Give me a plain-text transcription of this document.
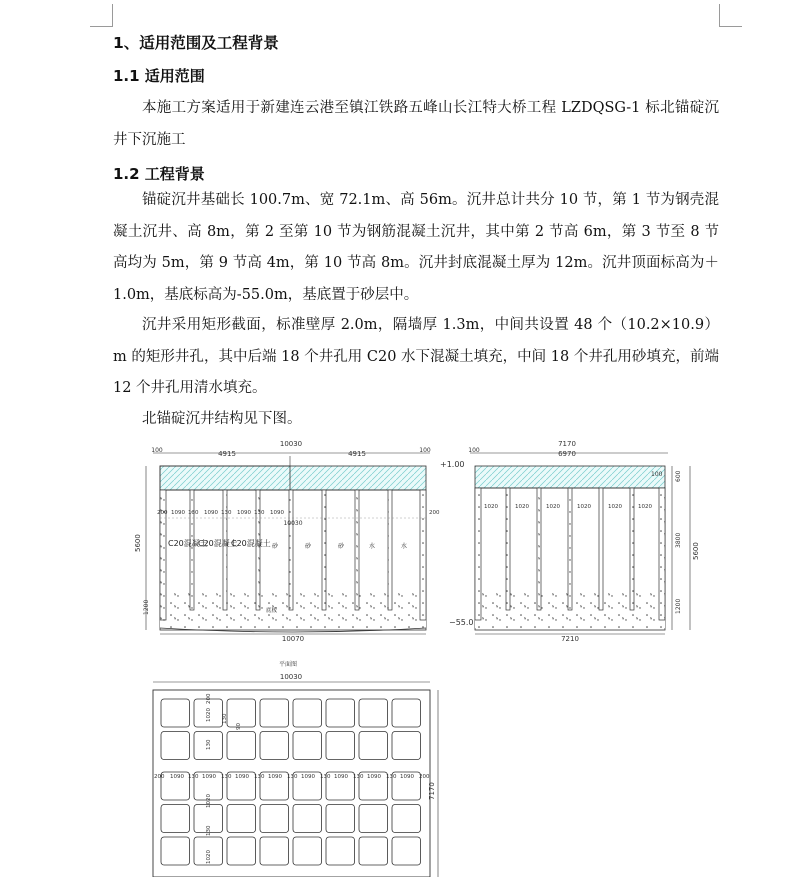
1、适用范围及工程背景
1.1 适用范围

本施工方案适用于新建连云港至镇江铁路五峰山长江特大桥工程 LZDQSG-1 标北锚碇沉井下沉施工

1.2 工程背景

锚碇沉井基础长 100.7m、宽 72.1m、高 56m。沉井总计共分 10 节，第 1 节为钢壳混凝土沉井、高 8m，第 2 至第 10 节为钢筋混凝土沉井，其中第 2 节高 6m，第 3 节至 8 节高均为 5m，第 9 节高 4m，第 10 节高 8m。沉井封底混凝土厚为 12m。沉井顶面标高为＋1.0m，基底标高为-55.0m，基底置于砂层中。

沉井采用矩形截面，标准壁厚 2.0m，隔墙厚 1.3m，中间共设置 48 个（10.2×10.9）m 的矩形井孔，其中后端 18 个井孔用 C20 水下混凝土填充，中间 18 个井孔用砂填充，前端 12 个井孔用清水填充。

北锚碇沉井结构见下图。

10030
4915	4915
100	100
+1.00
−55.0
10030
200 1090 130 1090 130 1090 130 1090	200
C20混凝土
C20混凝土
C20混凝土 砂	砂	砂	水	水
底板
5600
1200
10070
7170
6970
100
100
1020	1020	1020	1020	1020	1020
600
3800
1200
5600
7210
平面图
10030
7170
200 1090 130 1090 130 1090 130 1090 130 1090 130 1090 130 1090 130 1090 200
200
1020 130
90
130
1020
130
1020
